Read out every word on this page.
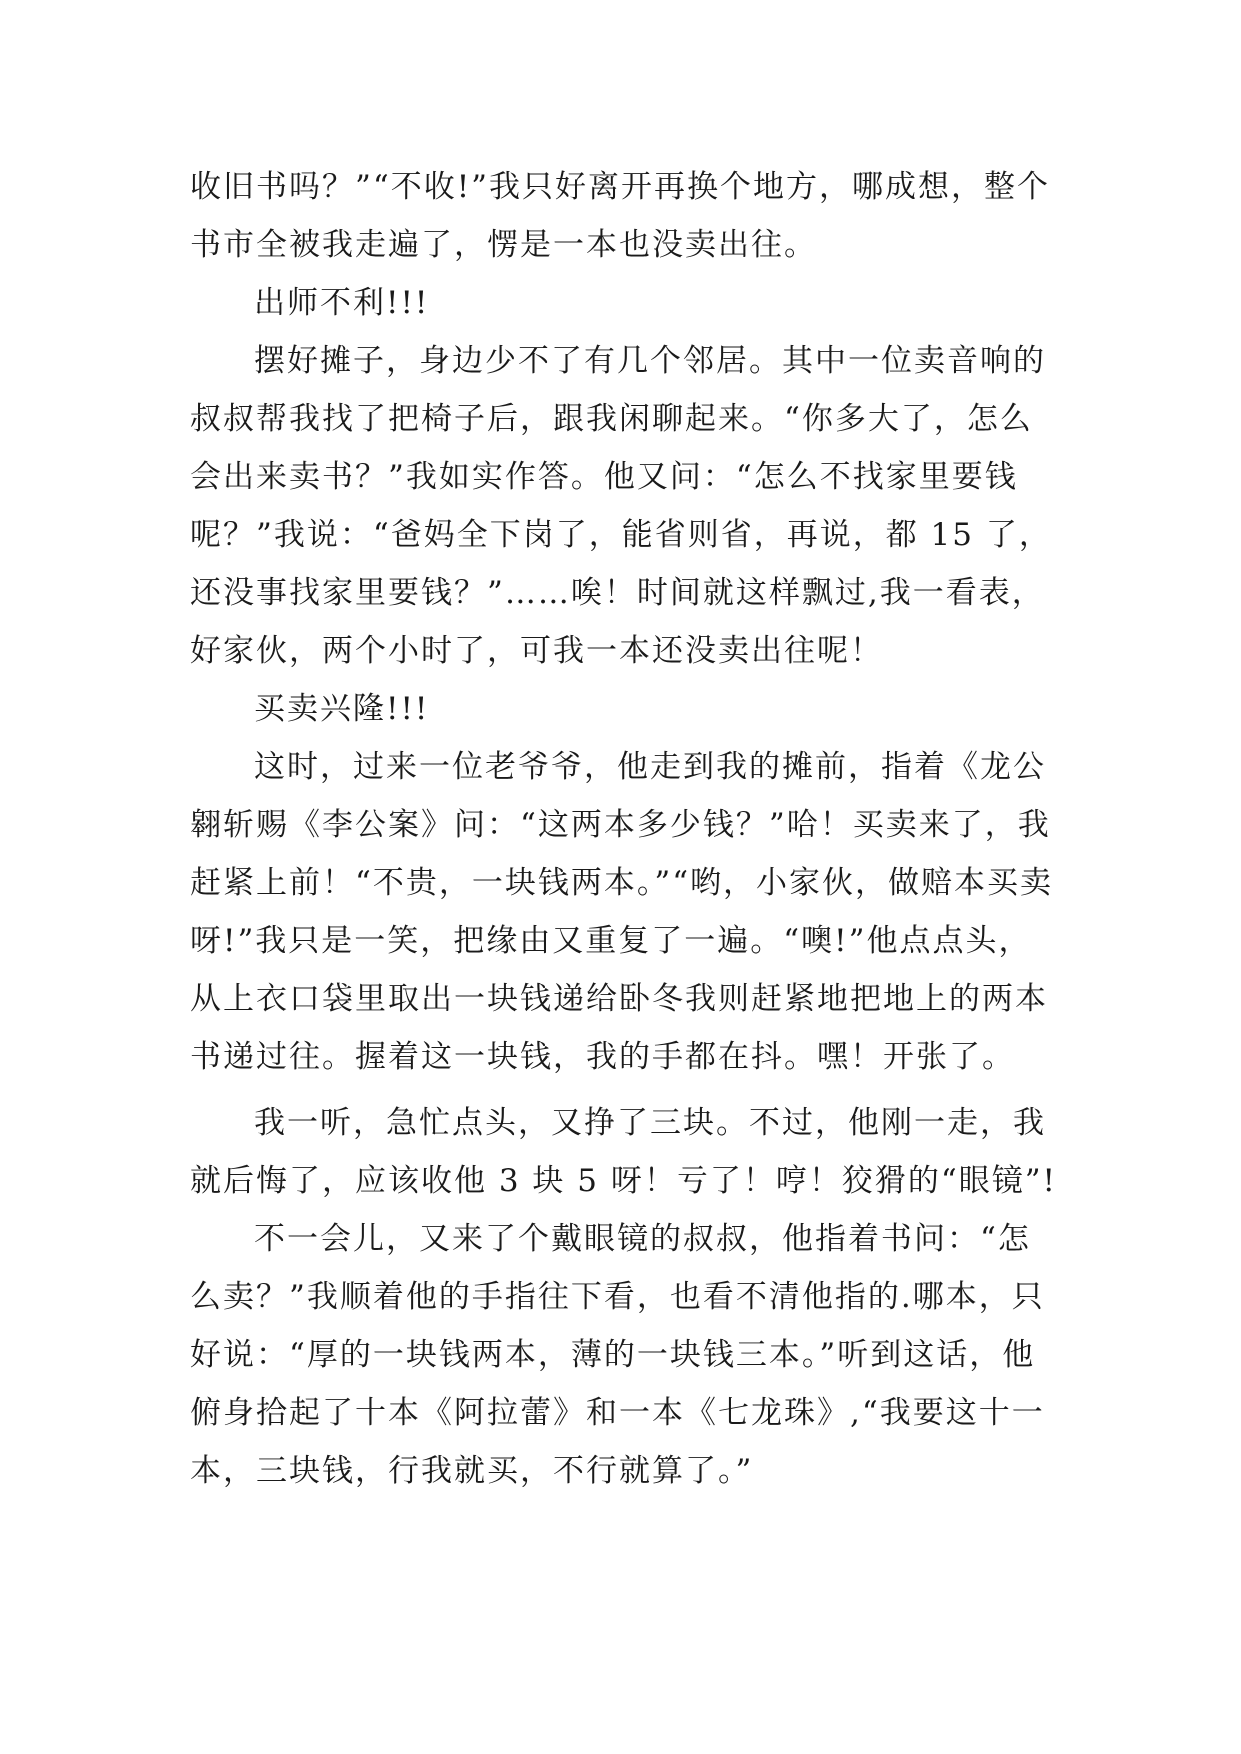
收旧书吗？”“不收!”我只好离开再换个地方，哪成想，整个书市全被我走遍了，愣是一本也没卖出往。

出师不利!!!

摆好摊子，身边少不了有几个邻居。其中一位卖音响的叔叔帮我找了把椅子后，跟我闲聊起来。“你多大了，怎么会出来卖书？”我如实作答。他又问：“怎么不找家里要钱呢？”我说：“爸妈全下岗了，能省则省，再说，都 15 了，还没事找家里要钱？”……唉！时间就这样飘过,我一看表，好家伙，两个小时了，可我一本还没卖出往呢！

买卖兴隆!!!

这时，过来一位老爷爷，他走到我的摊前，指着《龙公翱斩赐《李公案》问：“这两本多少钱？”哈！买卖来了，我赶紧上前！“不贵，一块钱两本。”“哟，小家伙，做赔本买卖呀!”我只是一笑，把缘由又重复了一遍。“噢!”他点点头，从上衣口袋里取出一块钱递给卧冬我则赶紧地把地上的两本书递过往。握着这一块钱，我的手都在抖。嘿！开张了。

我一听，急忙点头，又挣了三块。不过，他刚一走，我就后悔了，应该收他 3 块 5 呀！亏了！哼！狡猾的“眼镜”!

不一会儿，又来了个戴眼镜的叔叔，他指着书问：“怎么卖？”我顺着他的手指往下看，也看不清他指的.哪本，只好说：“厚的一块钱两本，薄的一块钱三本。”听到这话，他俯身拾起了十本《阿拉蕾》和一本《七龙珠》,“我要这十一本，三块钱，行我就买，不行就算了。”
